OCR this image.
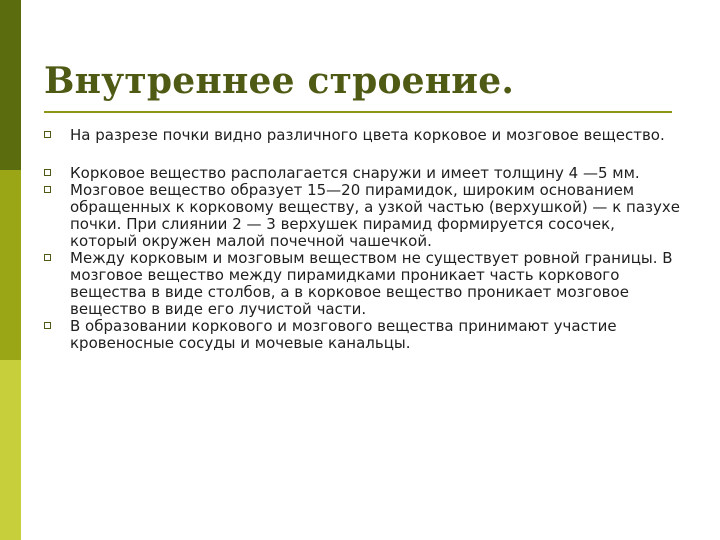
Внутреннее строение.
На разрезе почки видно различного цвета корковое и мозговое вещество.
Корковое вещество располагается снаружи и имеет толщину 4 —5 мм.
Мозговое вещество образует 15—20 пирамидок, широким основанием обращенных к корковому веществу, а узкой частью (верхушкой) — к пазухе почки. При слиянии 2 — 3 верхушек пирамид формируется сосочек, который окружен малой почечной чашечкой.
Между корковым и мозговым веществом не существует ровной границы. В мозговое вещество между пирамидками проникает часть коркового вещества в виде столбов, а в корковое вещество проникает мозговое вещество в виде его лучистой части.
В образовании коркового и мозгового вещества принимают участие кровеносные сосуды и мочевые канальцы.
